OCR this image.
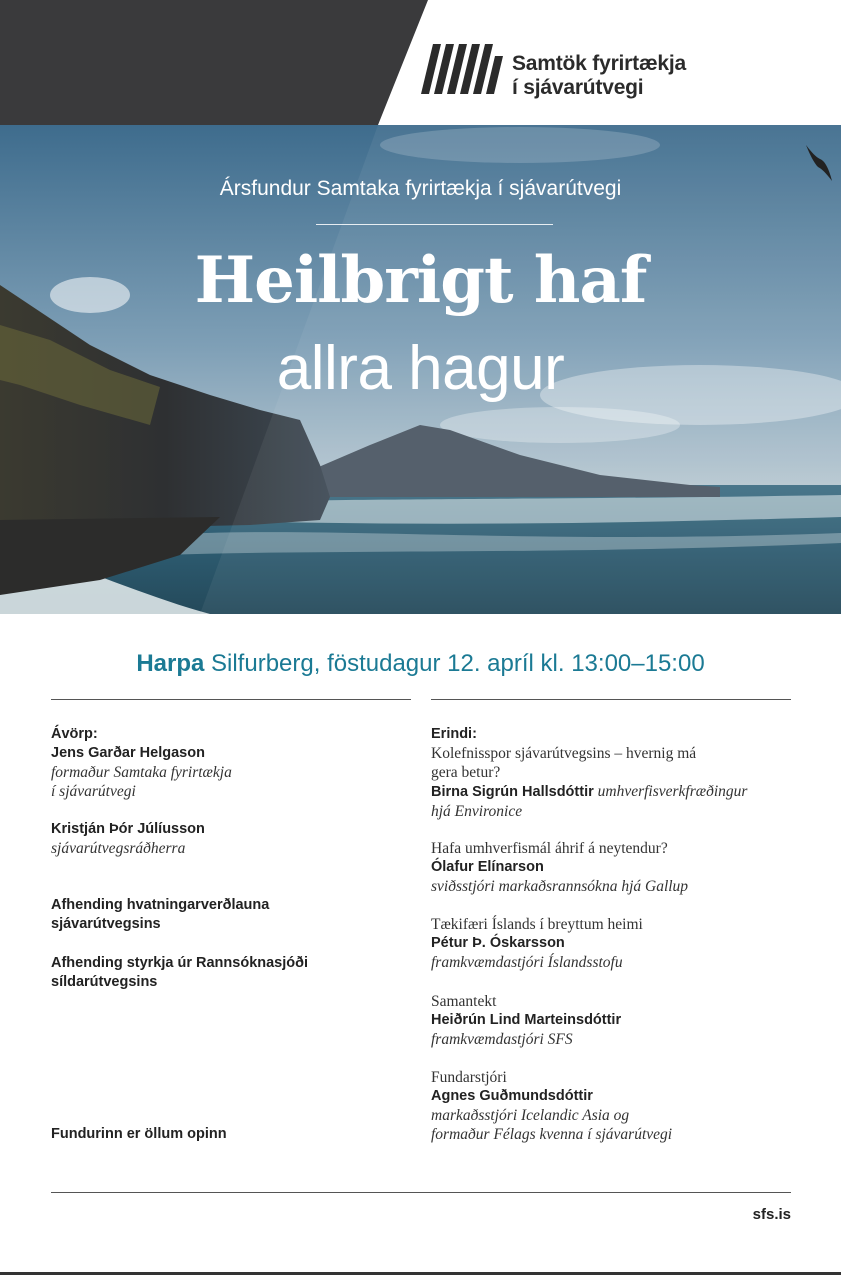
Samtök fyrirtækja
í sjávarútvegi
Ársfundur Samtaka fyrirtækja í sjávarútvegi
Heilbrigt haf
allra hagur
Harpa Silfurberg, föstudagur 12. apríl kl. 13:00–15:00
Ávörp:
Jens Garðar Helgason
formaður Samtaka fyrirtækja
í sjávarútvegi
Kristján Þór Júlíusson
sjávarútvegsráðherra
Afhending hvatningarverðlauna
sjávarútvegsins
Afhending styrkja úr Rannsóknasjóði
síldarútvegsins
Fundurinn er öllum opinn
Erindi:
Kolefnisspor sjávarútvegsins – hvernig má
gera betur?
Birna Sigrún Hallsdóttir umhverfisverkfræðingur
hjá Environice
Hafa umhverfismál áhrif á neytendur?
Ólafur Elínarson
sviðsstjóri markaðsrannsókna hjá Gallup
Tækifæri Íslands í breyttum heimi
Pétur Þ. Óskarsson
framkvæmdastjóri Íslandsstofu
Samantekt
Heiðrún Lind Marteinsdóttir
framkvæmdastjóri SFS
Fundarstjóri
Agnes Guðmundsdóttir
markaðsstjóri Icelandic Asia og
formaður Félags kvenna í sjávarútvegi
sfs.is
